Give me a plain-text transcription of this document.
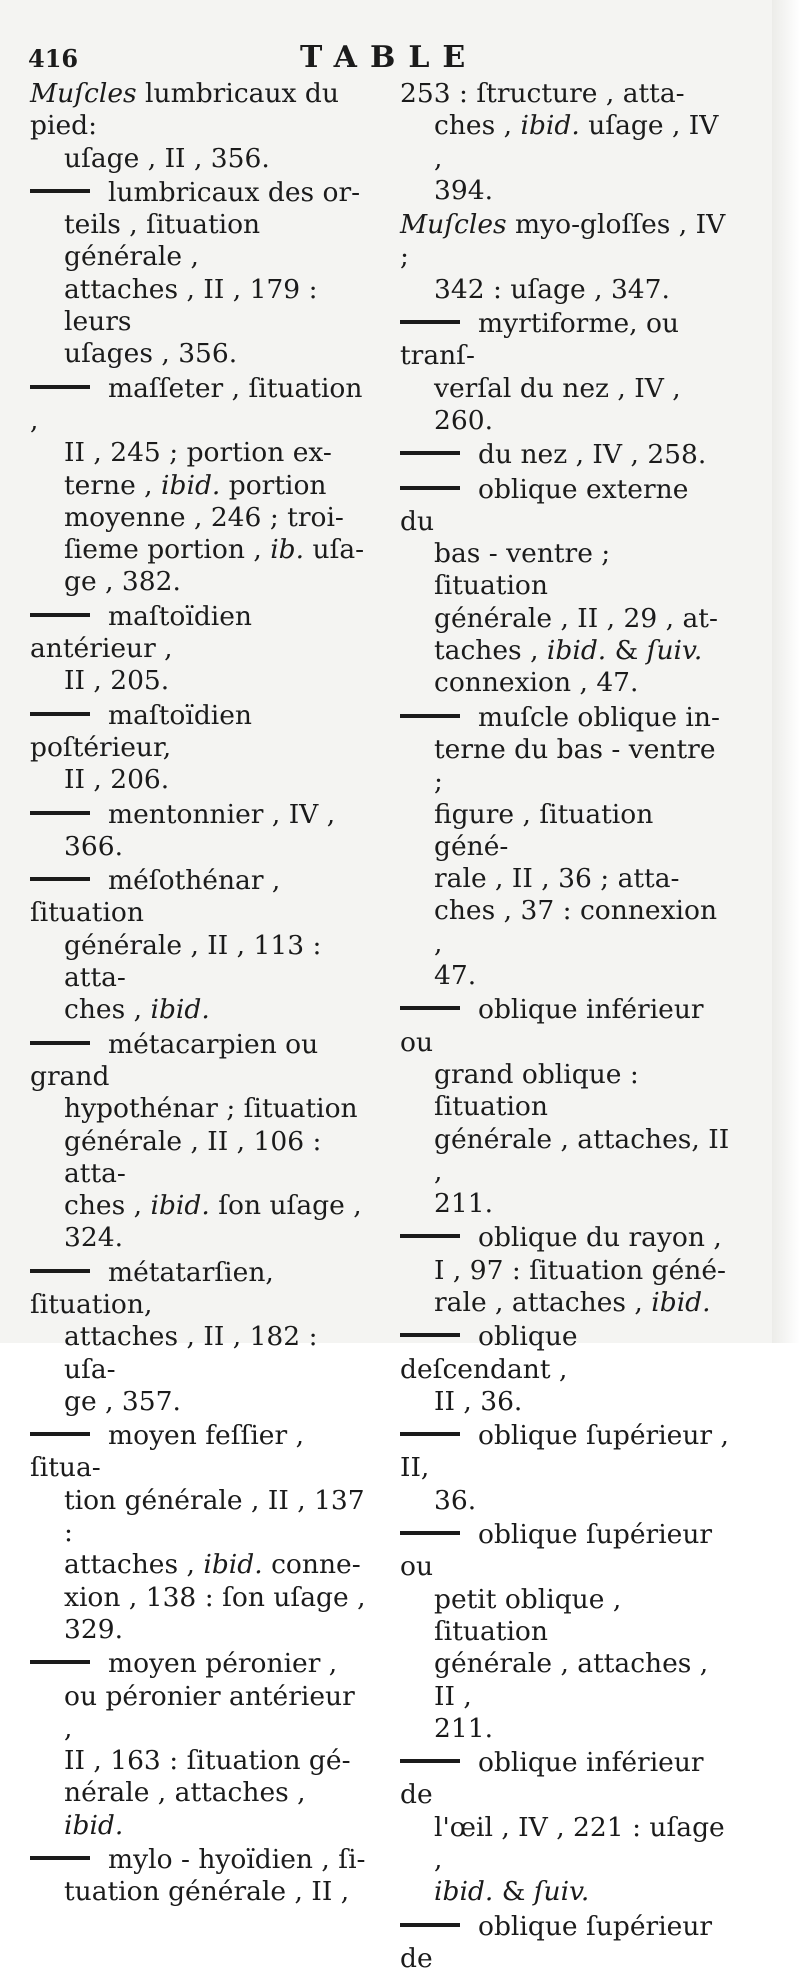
416	TABLE
Muſcles lumbricaux du pied:
uſage , II , 356.
lumbricaux des or-
teils , ſituation générale ,
attaches , II , 179 : leurs
uſages , 356.
maſſeter , ſituation ,
II , 245 ; portion ex-
terne , ibid. portion
moyenne , 246 ; troi-
ſieme portion , ib. uſa-
ge , 382.
maſtoïdien antérieur ,
II , 205.
maſtoïdien poſtérieur,
II , 206.
mentonnier , IV ,
366.
méſothénar , ſituation
générale , II , 113 : atta-
ches , ibid.
métacarpien ou grand
hypothénar ; ſituation
générale , II , 106 : atta-
ches , ibid. ſon uſage ,
324.
métatarſien, ſituation,
attaches , II , 182 : uſa-
ge , 357.
moyen feſſier , ſitua-
tion générale , II , 137 :
attaches , ibid. conne-
xion , 138 : ſon uſage ,
329.
moyen péronier ,
ou péronier antérieur ,
II , 163 : ſituation gé-
nérale , attaches , ibid.
mylo - hyoïdien , ſi-
tuation générale , II ,
253 : ſtructure , atta-
ches , ibid. uſage , IV ,
394.
Muſcles myo-gloſſes , IV ;
342 : uſage , 347.
myrtiforme, ou tranſ-
verſal du nez , IV ,
260.
du nez , IV , 258.
oblique externe du
bas - ventre ; ſituation
générale , II , 29 , at-
taches , ibid. & ſuiv.
connexion , 47.
muſcle oblique in-
terne du bas - ventre ;
figure , ſituation géné-
rale , II , 36 ; atta-
ches , 37 : connexion ,
47.
oblique inférieur ou
grand oblique : ſituation
générale , attaches, II ,
211.
oblique du rayon ,
I , 97 : ſituation géné-
rale , attaches , ibid.
oblique deſcendant ,
II , 36.
oblique ſupérieur , II,
36.
oblique ſupérieur ou
petit oblique , ſituation
générale , attaches , II ,
211.
oblique inférieur de
l'œil , IV , 221 : uſage ,
ibid. & ſuiv.
oblique ſupérieur de
